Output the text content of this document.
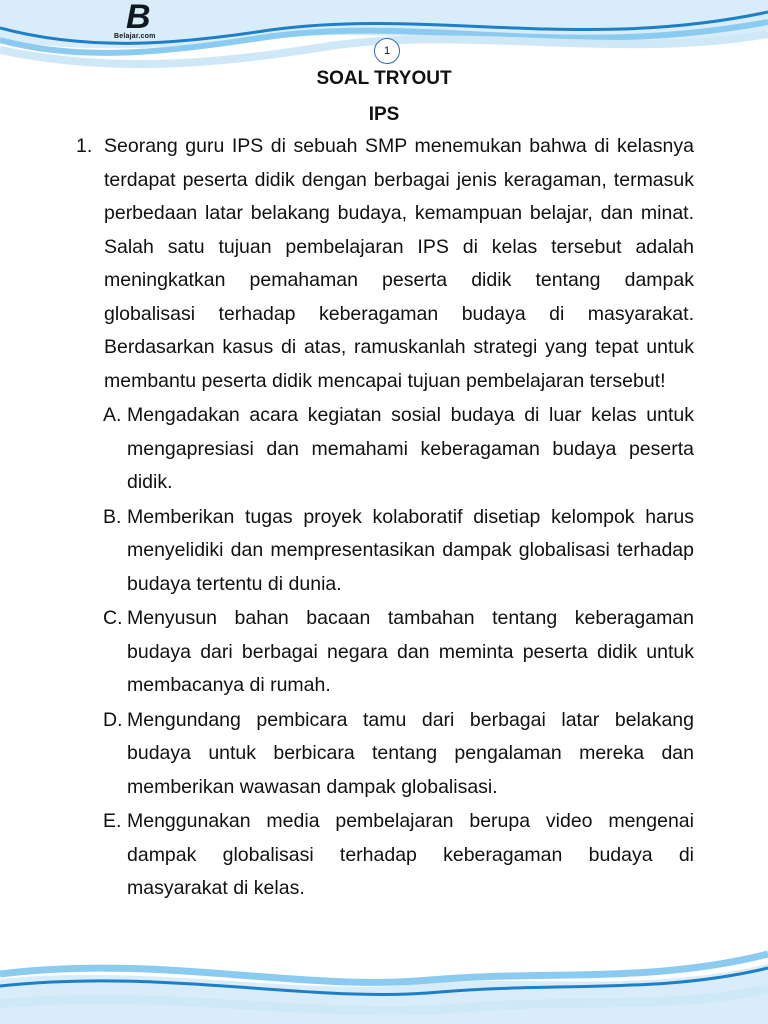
B
Belajar.com
1
SOAL TRYOUT
IPS
1. Seorang guru IPS di sebuah SMP menemukan bahwa di kelasnya terdapat peserta didik dengan berbagai jenis keragaman, termasuk perbedaan latar belakang budaya, kemampuan belajar, dan minat. Salah satu tujuan pembelajaran IPS di kelas tersebut adalah meningkatkan pemahaman peserta didik tentang dampak globalisasi terhadap keberagaman budaya di masyarakat. Berdasarkan kasus di atas, ramuskanlah strategi yang tepat untuk membantu peserta didik mencapai tujuan pembelajaran tersebut!
A. Mengadakan acara kegiatan sosial budaya di luar kelas untuk mengapresiasi dan memahami keberagaman budaya peserta didik.
B. Memberikan tugas proyek kolaboratif disetiap kelompok harus menyelidiki dan mempresentasikan dampak globalisasi terhadap budaya tertentu di dunia.
C. Menyusun bahan bacaan tambahan tentang keberagaman budaya dari berbagai negara dan meminta peserta didik untuk membacanya di rumah.
D. Mengundang pembicara tamu dari berbagai latar belakang budaya untuk berbicara tentang pengalaman mereka dan memberikan wawasan dampak globalisasi.
E. Menggunakan media pembelajaran berupa video mengenai dampak globalisasi terhadap keberagaman budaya di masyarakat di kelas.
